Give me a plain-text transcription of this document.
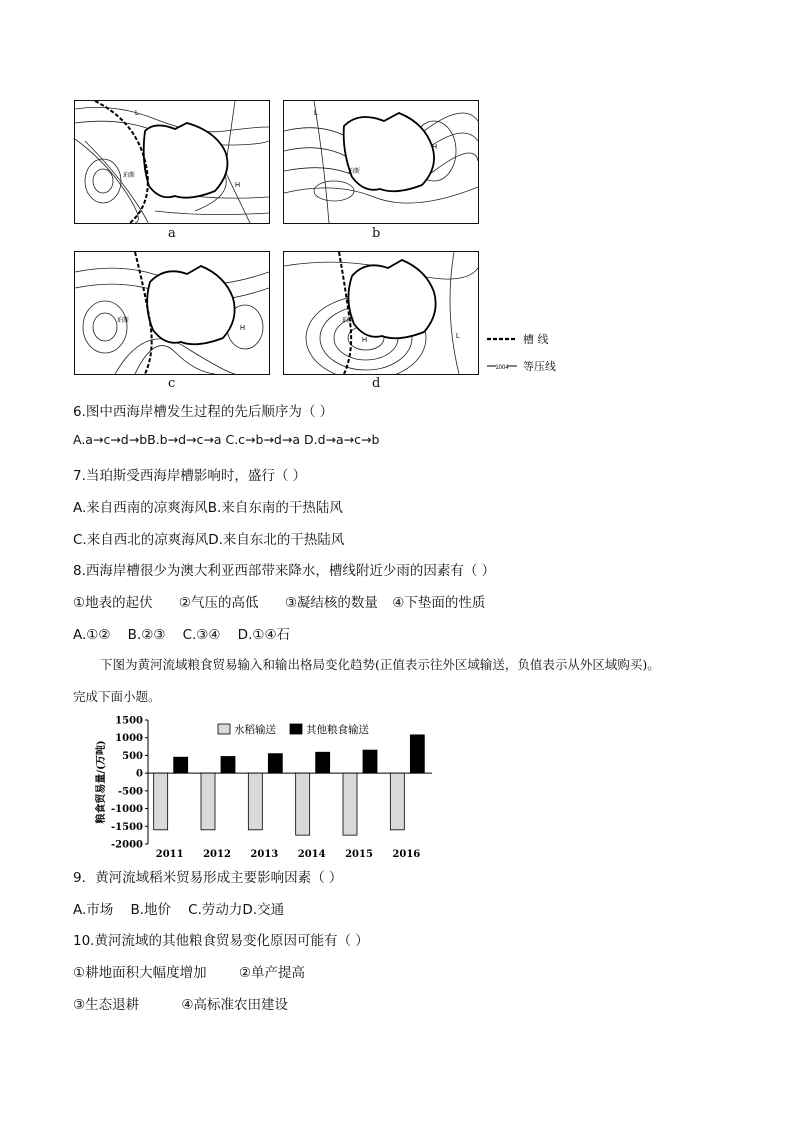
珀斯
H
L
a
珀斯
H
L
b
珀斯
H
c
珀斯
H
L
d
槽 线
1004 等压线
6.图中西海岸槽发生过程的先后顺序为（ ）
A.a→c→d→bB.b→d→c→a C.c→b→d→a D.d→a→c→b
7.当珀斯受西海岸槽影响时，盛行（ ）
A.来自西南的凉爽海风B.来自东南的干热陆风
C.来自西北的凉爽海风D.来自东北的干热陆风
8.西海岸槽很少为澳大利亚西部带来降水，槽线附近少雨的因素有（ ）
①地表的起伏 ②气压的高低 ③凝结核的数量 ④下垫面的性质
A.①②    B.②③    C.③④    D.①④石
下图为黄河流域粮食贸易输入和输出格局变化趋势(正值表示往外区域输送，负值表示从外区域购买)。
完成下面小题。
1500
1000
500
0
-500
-1000
-1500
-2000
粮食贸易量/(万吨)
2011 2012 2013 2014 2015 2016
水稻输送	其他粮食输送
9．黄河流域稻米贸易形成主要影响因素（ ）
A.市场    B.地价    C.劳动力D.交通
10.黄河流域的其他粮食贸易变化原因可能有（ ）
①耕地面积大幅度增加 ②单产提高
③生态退耕	④高标准农田建设
